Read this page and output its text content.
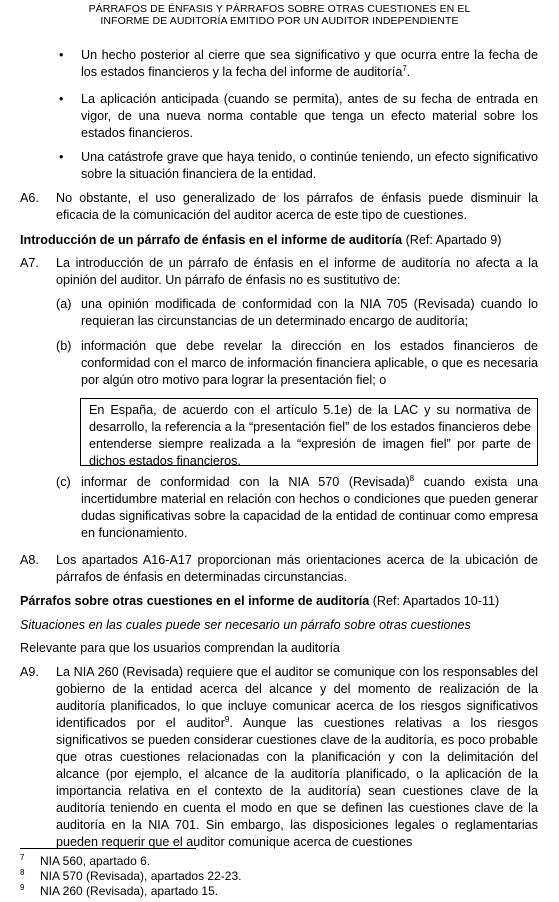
PÁRRAFOS DE ÉNFASIS Y PÁRRAFOS SOBRE OTRAS CUESTIONES EN EL
INFORME DE AUDITORÍA EMITIDO POR UN AUDITOR INDEPENDIENTE
• Un hecho posterior al cierre que sea significativo y que ocurra entre la fecha de los estados financieros y la fecha del informe de auditoría$^7$.

• La aplicación anticipada (cuando se permita), antes de su fecha de entrada en vigor, de una nueva norma contable que tenga un efecto material sobre los estados financieros.

• Una catástrofe grave que haya tenido, o continúe teniendo, un efecto significativo sobre la situación financiera de la entidad.

A6. No obstante, el uso generalizado de los párrafos de énfasis puede disminuir la eficacia de la comunicación del auditor acerca de este tipo de cuestiones.

Introducción de un párrafo de énfasis en el informe de auditoría (Ref: Apartado 9)

A7. La introducción de un párrafo de énfasis en el informe de auditoría no afecta a la opinión del auditor. Un párrafo de énfasis no es sustitutivo de:

(a) una opinión modificada de conformidad con la NIA 705 (Revisada) cuando lo requieran las circunstancias de un determinado encargo de auditoría;

(b) información que debe revelar la dirección en los estados financieros de conformidad con el marco de información financiera aplicable, o que es necesaria por algún otro motivo para lograr la presentación fiel; o

En España, de acuerdo con el artículo 5.1e) de la LAC y su normativa de desarrollo, la referencia a la “presentación fiel” de los estados financieros debe entenderse siempre realizada a la “expresión de imagen fiel” por parte de dichos estados financieros.

(c) informar de conformidad con la NIA 570 (Revisada)$^8$ cuando exista una incertidumbre material en relación con hechos o condiciones que pueden generar dudas significativas sobre la capacidad de la entidad de continuar como empresa en funcionamiento.

A8. Los apartados A16-A17 proporcionan más orientaciones acerca de la ubicación de párrafos de énfasis en determinadas circunstancias.

Párrafos sobre otras cuestiones en el informe de auditoría (Ref: Apartados 10-11)

Situaciones en las cuales puede ser necesario un párrafo sobre otras cuestiones

Relevante para que los usuarios comprendan la auditoría

A9. La NIA 260 (Revisada) requiere que el auditor se comunique con los responsables del gobierno de la entidad acerca del alcance y del momento de realización de la auditoría planificados, lo que incluye comunicar acerca de los riesgos significativos identificados por el auditor$^9$. Aunque las cuestiones relativas a los riesgos significativos se pueden considerar cuestiones clave de la auditoría, es poco probable que otras cuestiones relacionadas con la planificación y con la delimitación del alcance (por ejemplo, el alcance de la auditoría planificado, o la aplicación de la importancia relativa en el contexto de la auditoría) sean cuestiones clave de la auditoría teniendo en cuenta el modo en que se definen las cuestiones clave de la auditoría en la NIA 701. Sin embargo, las disposiciones legales o reglamentarias pueden requerir que el auditor comunique acerca de cuestiones

7 NIA 560, apartado 6.
8 NIA 570 (Revisada), apartados 22-23.
9 NIA 260 (Revisada), apartado 15.
